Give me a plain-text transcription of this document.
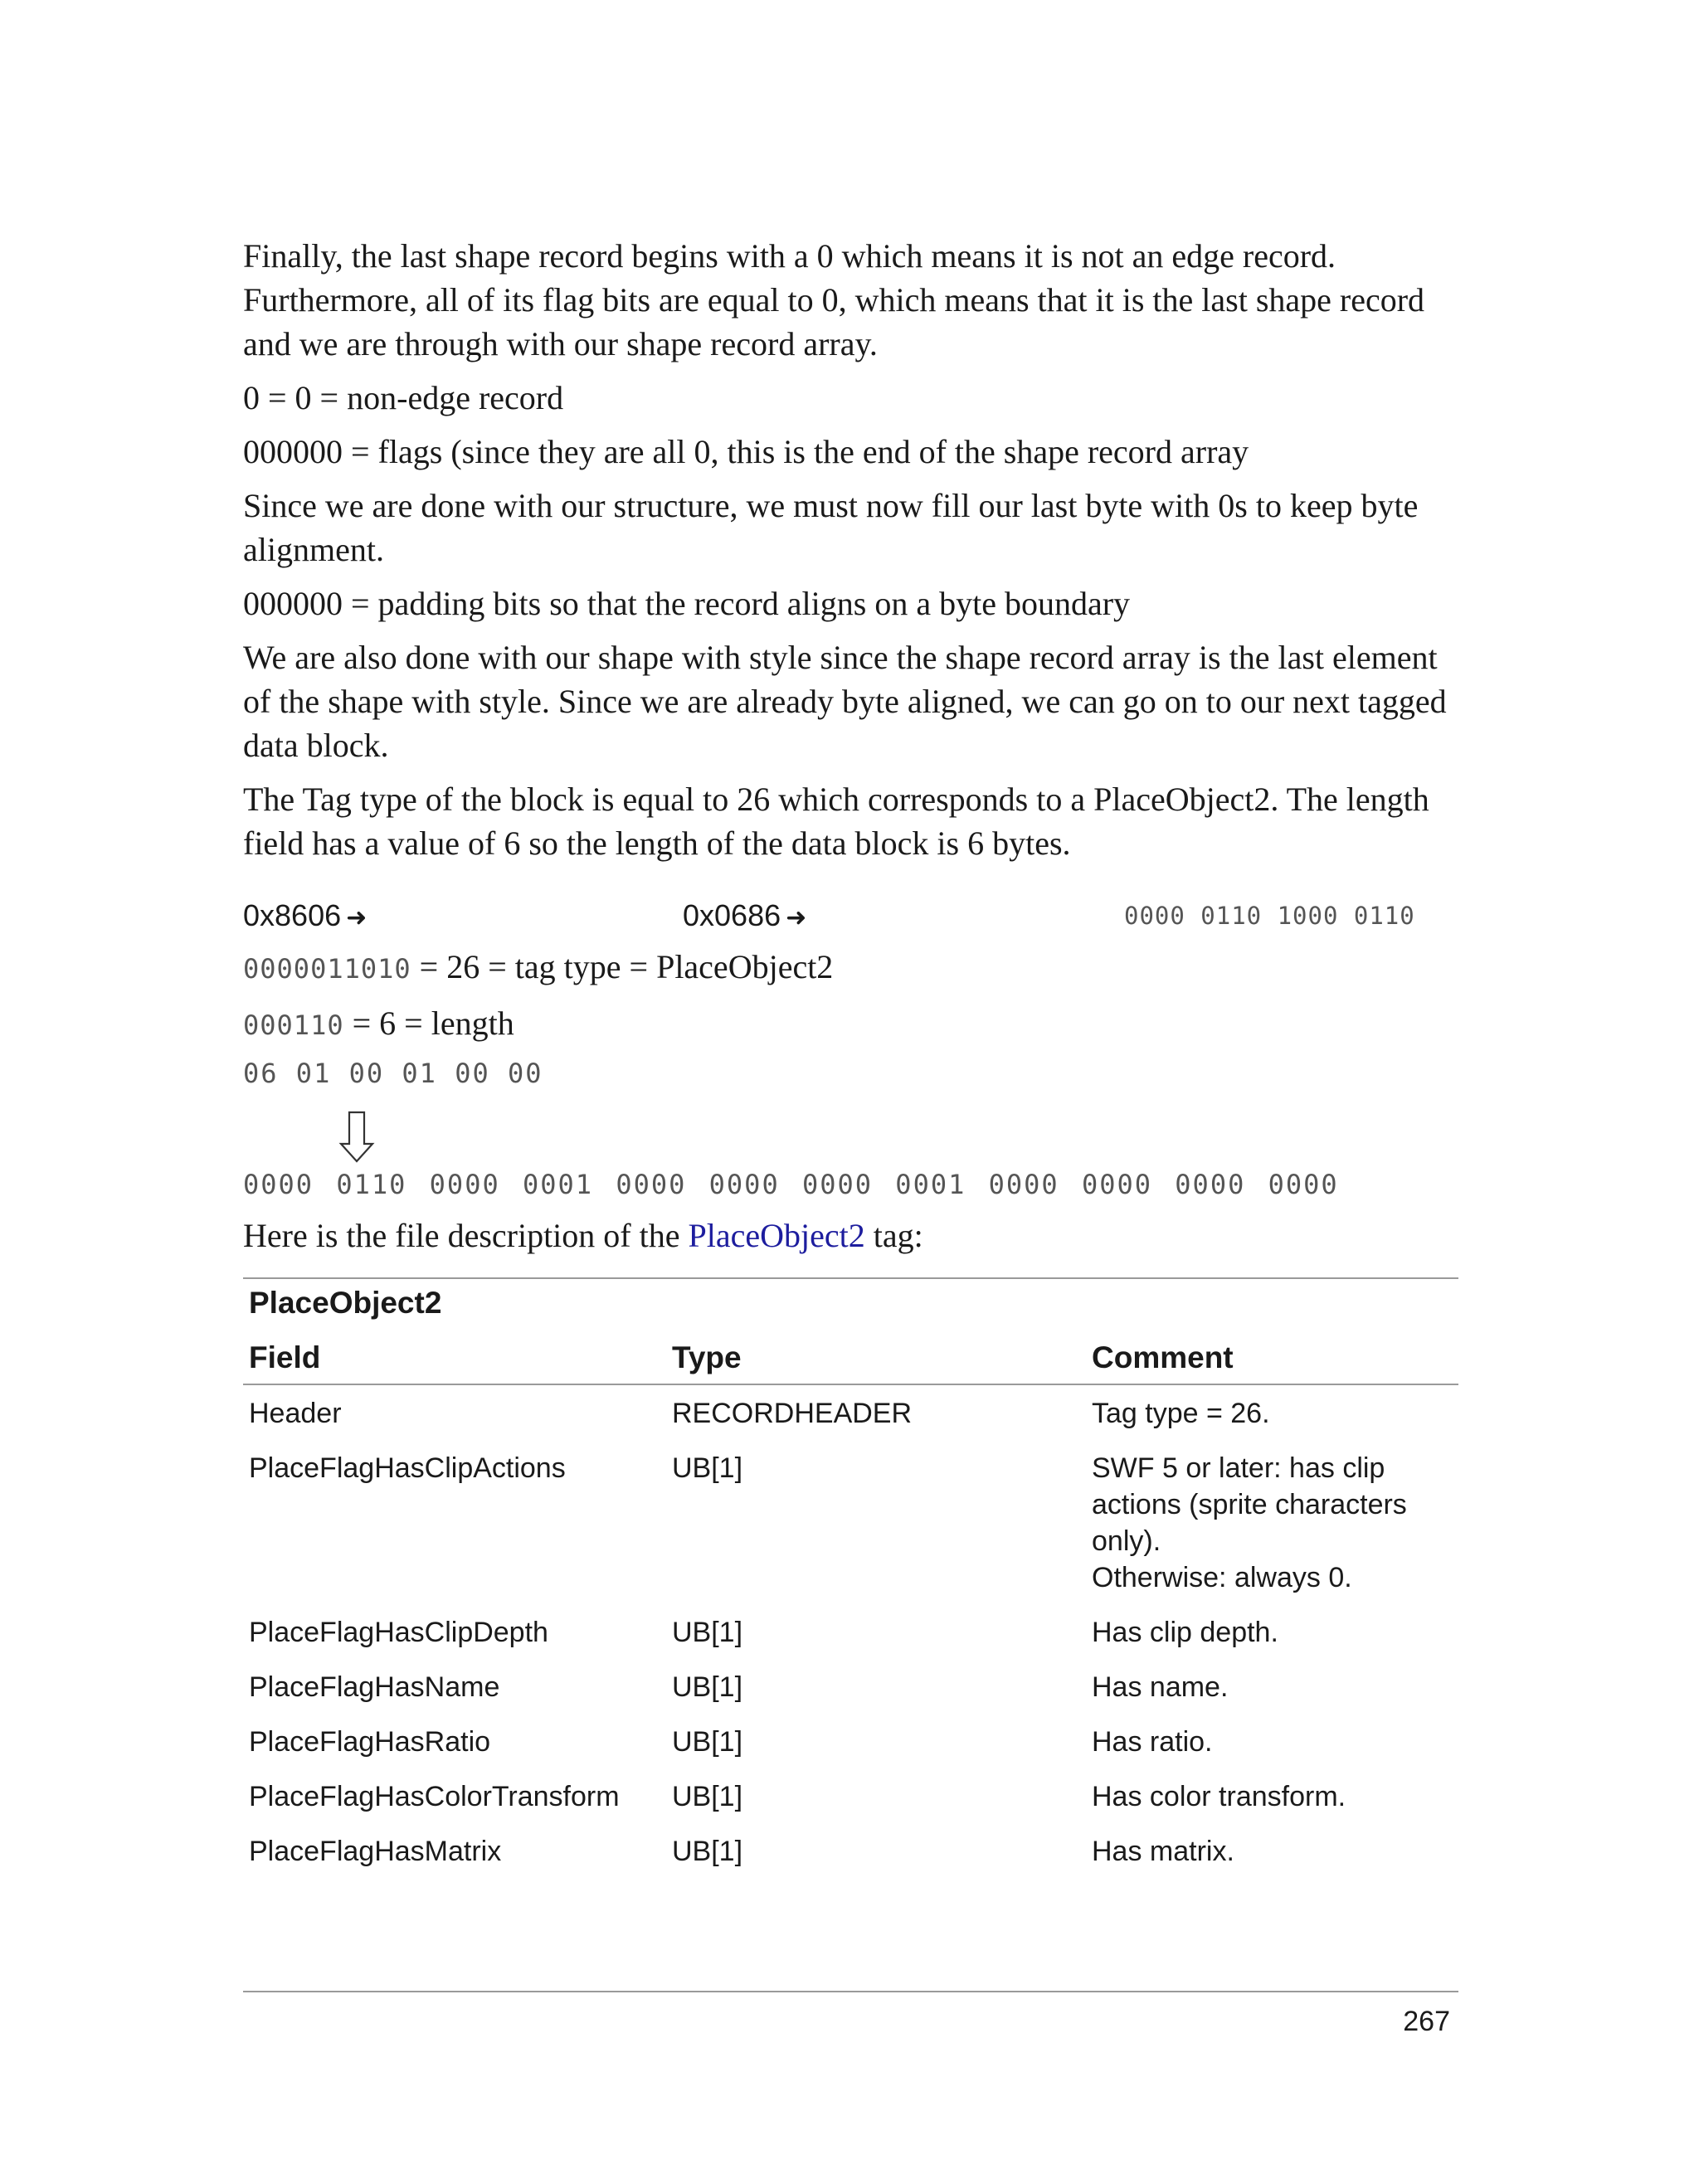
Finally, the last shape record begins with a 0 which means it is not an edge record. Furthermore, all of its flag bits are equal to 0, which means that it is the last shape record and we are through with our shape record array.

0 = 0 = non-edge record

000000 = flags (since they are all 0, this is the end of the shape record array

Since we are done with our structure, we must now fill our last byte with 0s to keep byte alignment.

000000 = padding bits so that the record aligns on a byte boundary

We are also done with our shape with style since the shape record array is the last element of the shape with style. Since we are already byte aligned, we can go on to our next tagged data block.

The Tag type of the block is equal to 26 which corresponds to a PlaceObject2. The length field has a value of 6 so the length of the data block is 6 bytes.

0x8606 ➜	0x0686 ➜	0000 0110 1000 0110

0000011010 = 26 = tag type = PlaceObject2

000110 = 6 = length

06 01 00 01 00 00
0000 0110 0000 0001 0000 0000 0000 0001 0000 0000 0000 0000

Here is the file description of the PlaceObject2 tag:

PlaceObject2
Field	Type	Comment
Header	RECORDHEADER	Tag type = 26.
PlaceFlagHasClipActions	UB[1]	SWF 5 or later: has clip actions (sprite characters only).
Otherwise: always 0.
PlaceFlagHasClipDepth	UB[1]	Has clip depth.
PlaceFlagHasName	UB[1]	Has name.
PlaceFlagHasRatio	UB[1]	Has ratio.
PlaceFlagHasColorTransform	UB[1]	Has color transform.
PlaceFlagHasMatrix	UB[1]	Has matrix.
267
